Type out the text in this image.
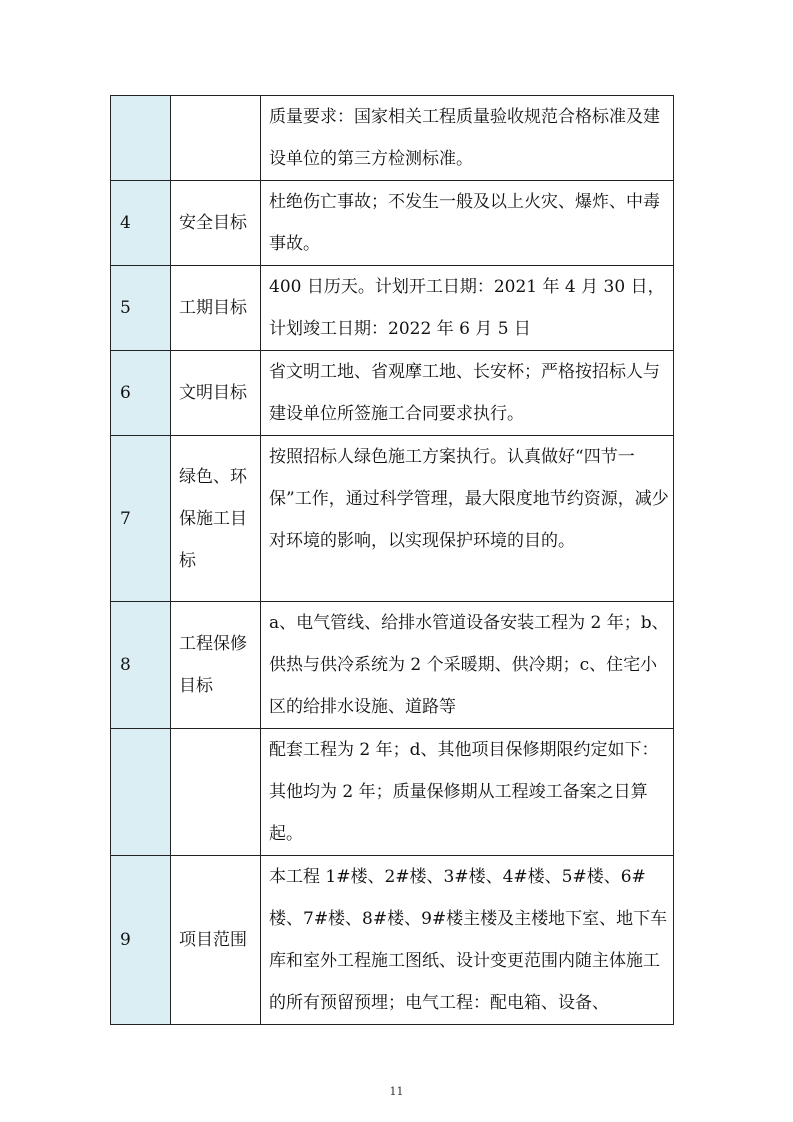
		质量要求：国家相关工程质量验收规范合格标准及建设单位的第三方检测标准。

4	安全目标	杜绝伤亡事故；不发生一般及以上火灾、爆炸、中毒事故。

5	工期目标	400 日历天。计划开工日期：2021 年 4 月 30 日，计划竣工日期：2022 年 6 月 5 日

6	文明目标	省文明工地、省观摩工地、长安杯；严格按招标人与建设单位所签施工合同要求执行。

7	绿色、环保施工目标	按照招标人绿色施工方案执行。认真做好“四节一保”工作，通过科学管理，最大限度地节约资源，减少对环境的影响，以实现保护环境的目的。

8	工程保修目标	a、电气管线、给排水管道设备安装工程为 2 年；b、供热与供冷系统为 2 个采暖期、供冷期；c、住宅小区的给排水设施、道路等

		配套工程为 2 年；d、其他项目保修期限约定如下：其他均为 2 年；质量保修期从工程竣工备案之日算起。

9	项目范围	本工程 1#楼、2#楼、3#楼、4#楼、5#楼、6#楼、7#楼、8#楼、9#楼主楼及主楼地下室、地下车库和室外工程施工图纸、设计变更范围内随主体施工的所有预留预埋；电气工程：配电箱、设备、
11
